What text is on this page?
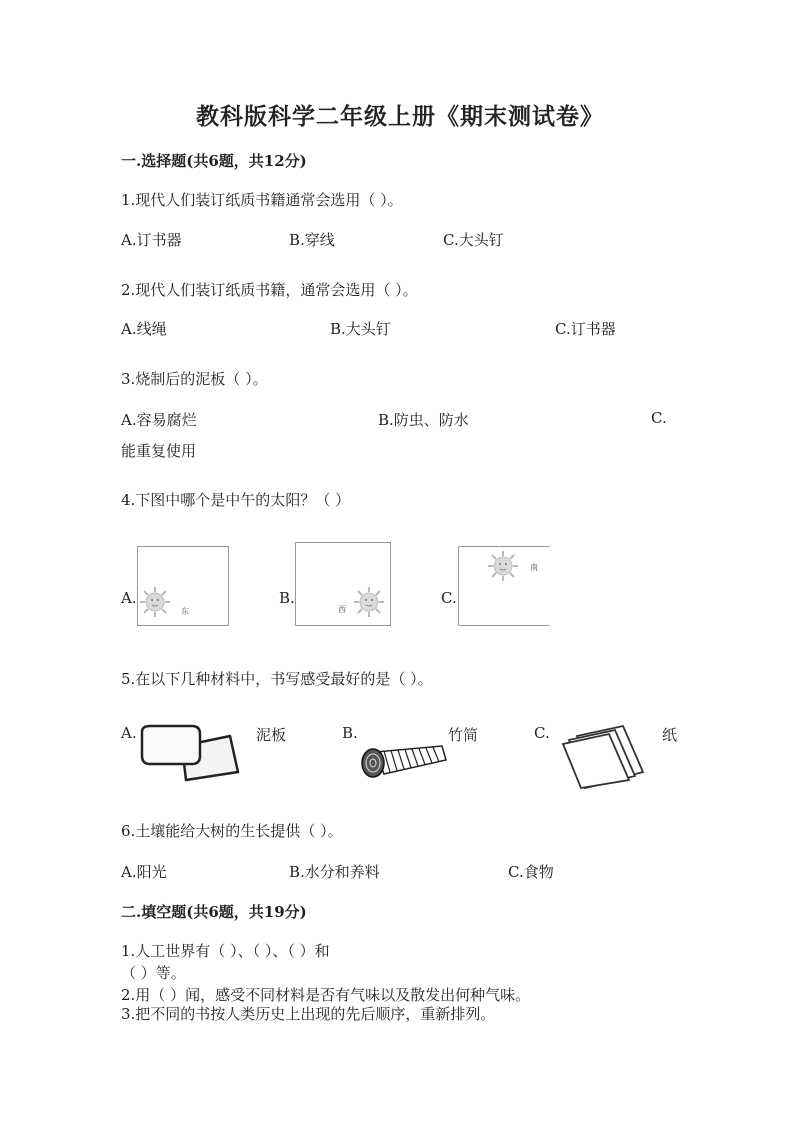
教科版科学二年级上册《期末测试卷》
一.选择题(共6题，共12分)
1.现代人们装订纸质书籍通常会选用（ ）。
A.订书器	B.穿线	C.大头钉
2.现代人们装订纸质书籍，通常会选用（ ）。
A.线绳	B.大头钉	C.订书器
3.烧制后的泥板（ ）。
A.容易腐烂	B.防虫、防水	C.
能重复使用
4.下图中哪个是中午的太阳？（ ）
A.
东
B.
西
C.
南
5.在以下几种材料中，书写感受最好的是（ ）。
A.	泥板	B.	竹简	C.	纸
6.土壤能给大树的生长提供（ ）。
A.阳光	B.水分和养料	C.食物
二.填空题(共6题，共19分)
1.人工世界有（ ）、（ ）、（ ）和
（ ）等。
2.用（ ）闻，感受不同材料是否有气味以及散发出何种气味。
3.把不同的书按人类历史上出现的先后顺序，重新排列。
